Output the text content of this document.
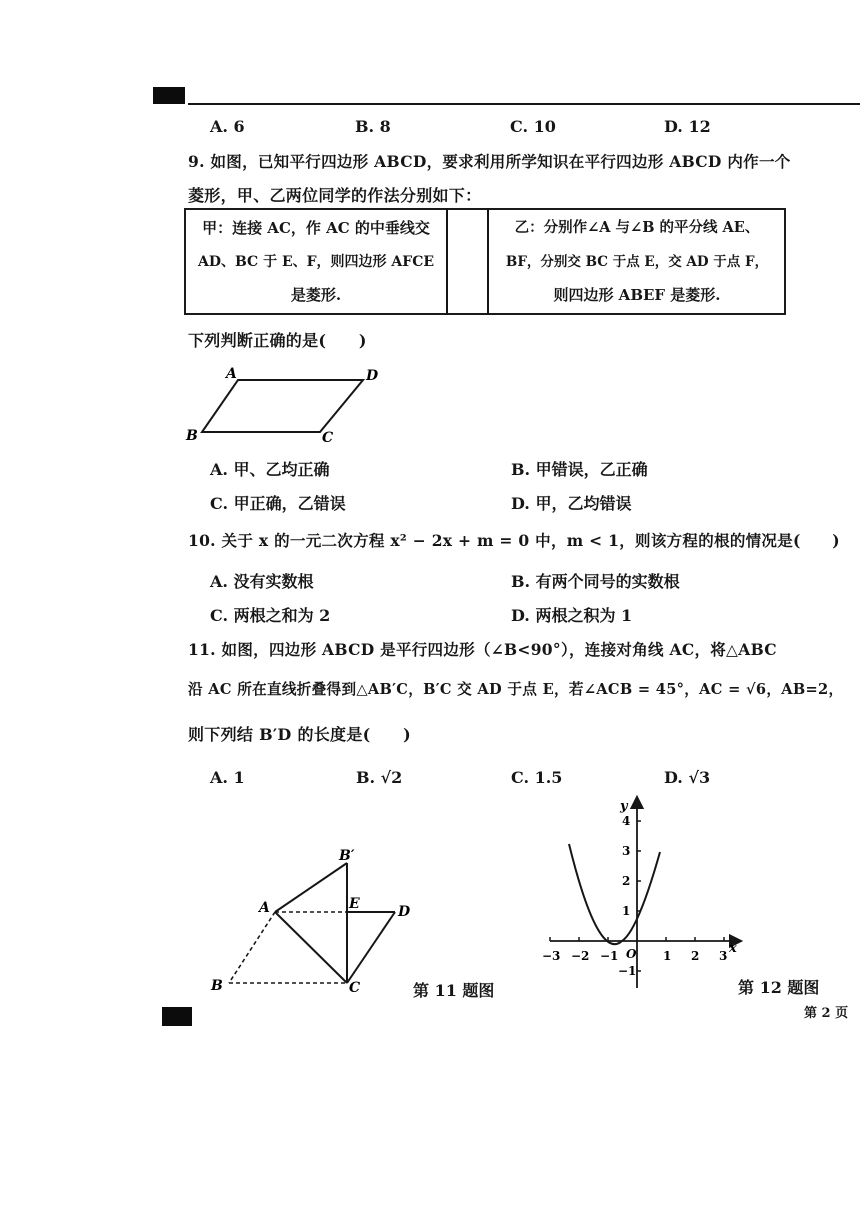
A. 6	B. 8	C. 10	D. 12
9. 如图，已知平行四边形 ABCD，要求利用所学知识在平行四边形 ABCD 内作一个
菱形，甲、乙两位同学的作法分别如下：
甲：连接 AC，作 AC 的中垂线交
AD、BC 于 E、F，则四边形 AFCE
是菱形.
乙：分别作∠A 与∠B 的平分线 AE、
BF，分别交 BC 于点 E，交 AD 于点 F，
则四边形 ABEF 是菱形.
下列判断正确的是(　　)
A	D
B	C
A. 甲、乙均正确	B. 甲错误，乙正确
C. 甲正确，乙错误	D. 甲，乙均错误
10. 关于 x 的一元二次方程 x² − 2x + m = 0 中，m < 1，则该方程的根的情况是(　　)
A. 没有实数根	B. 有两个同号的实数根
C. 两根之和为 2	D. 两根之积为 1
11. 如图，四边形 ABCD 是平行四边形（∠B<90°），连接对角线 AC，将△ABC
沿 AC 所在直线折叠得到△AB′C，B′C 交 AD 于点 E，若∠ACB = 45°，AC = √6，AB=2，
则下列结 B′D 的长度是(　　)
A. 1	B. √2	C. 1.5	D. √3
B′
A	E	D
B	C	第 11 题图
x
y
O
−3 −2 −1	1 2 3
4
3
2
1
−1
第 12 题图
第 2 页
